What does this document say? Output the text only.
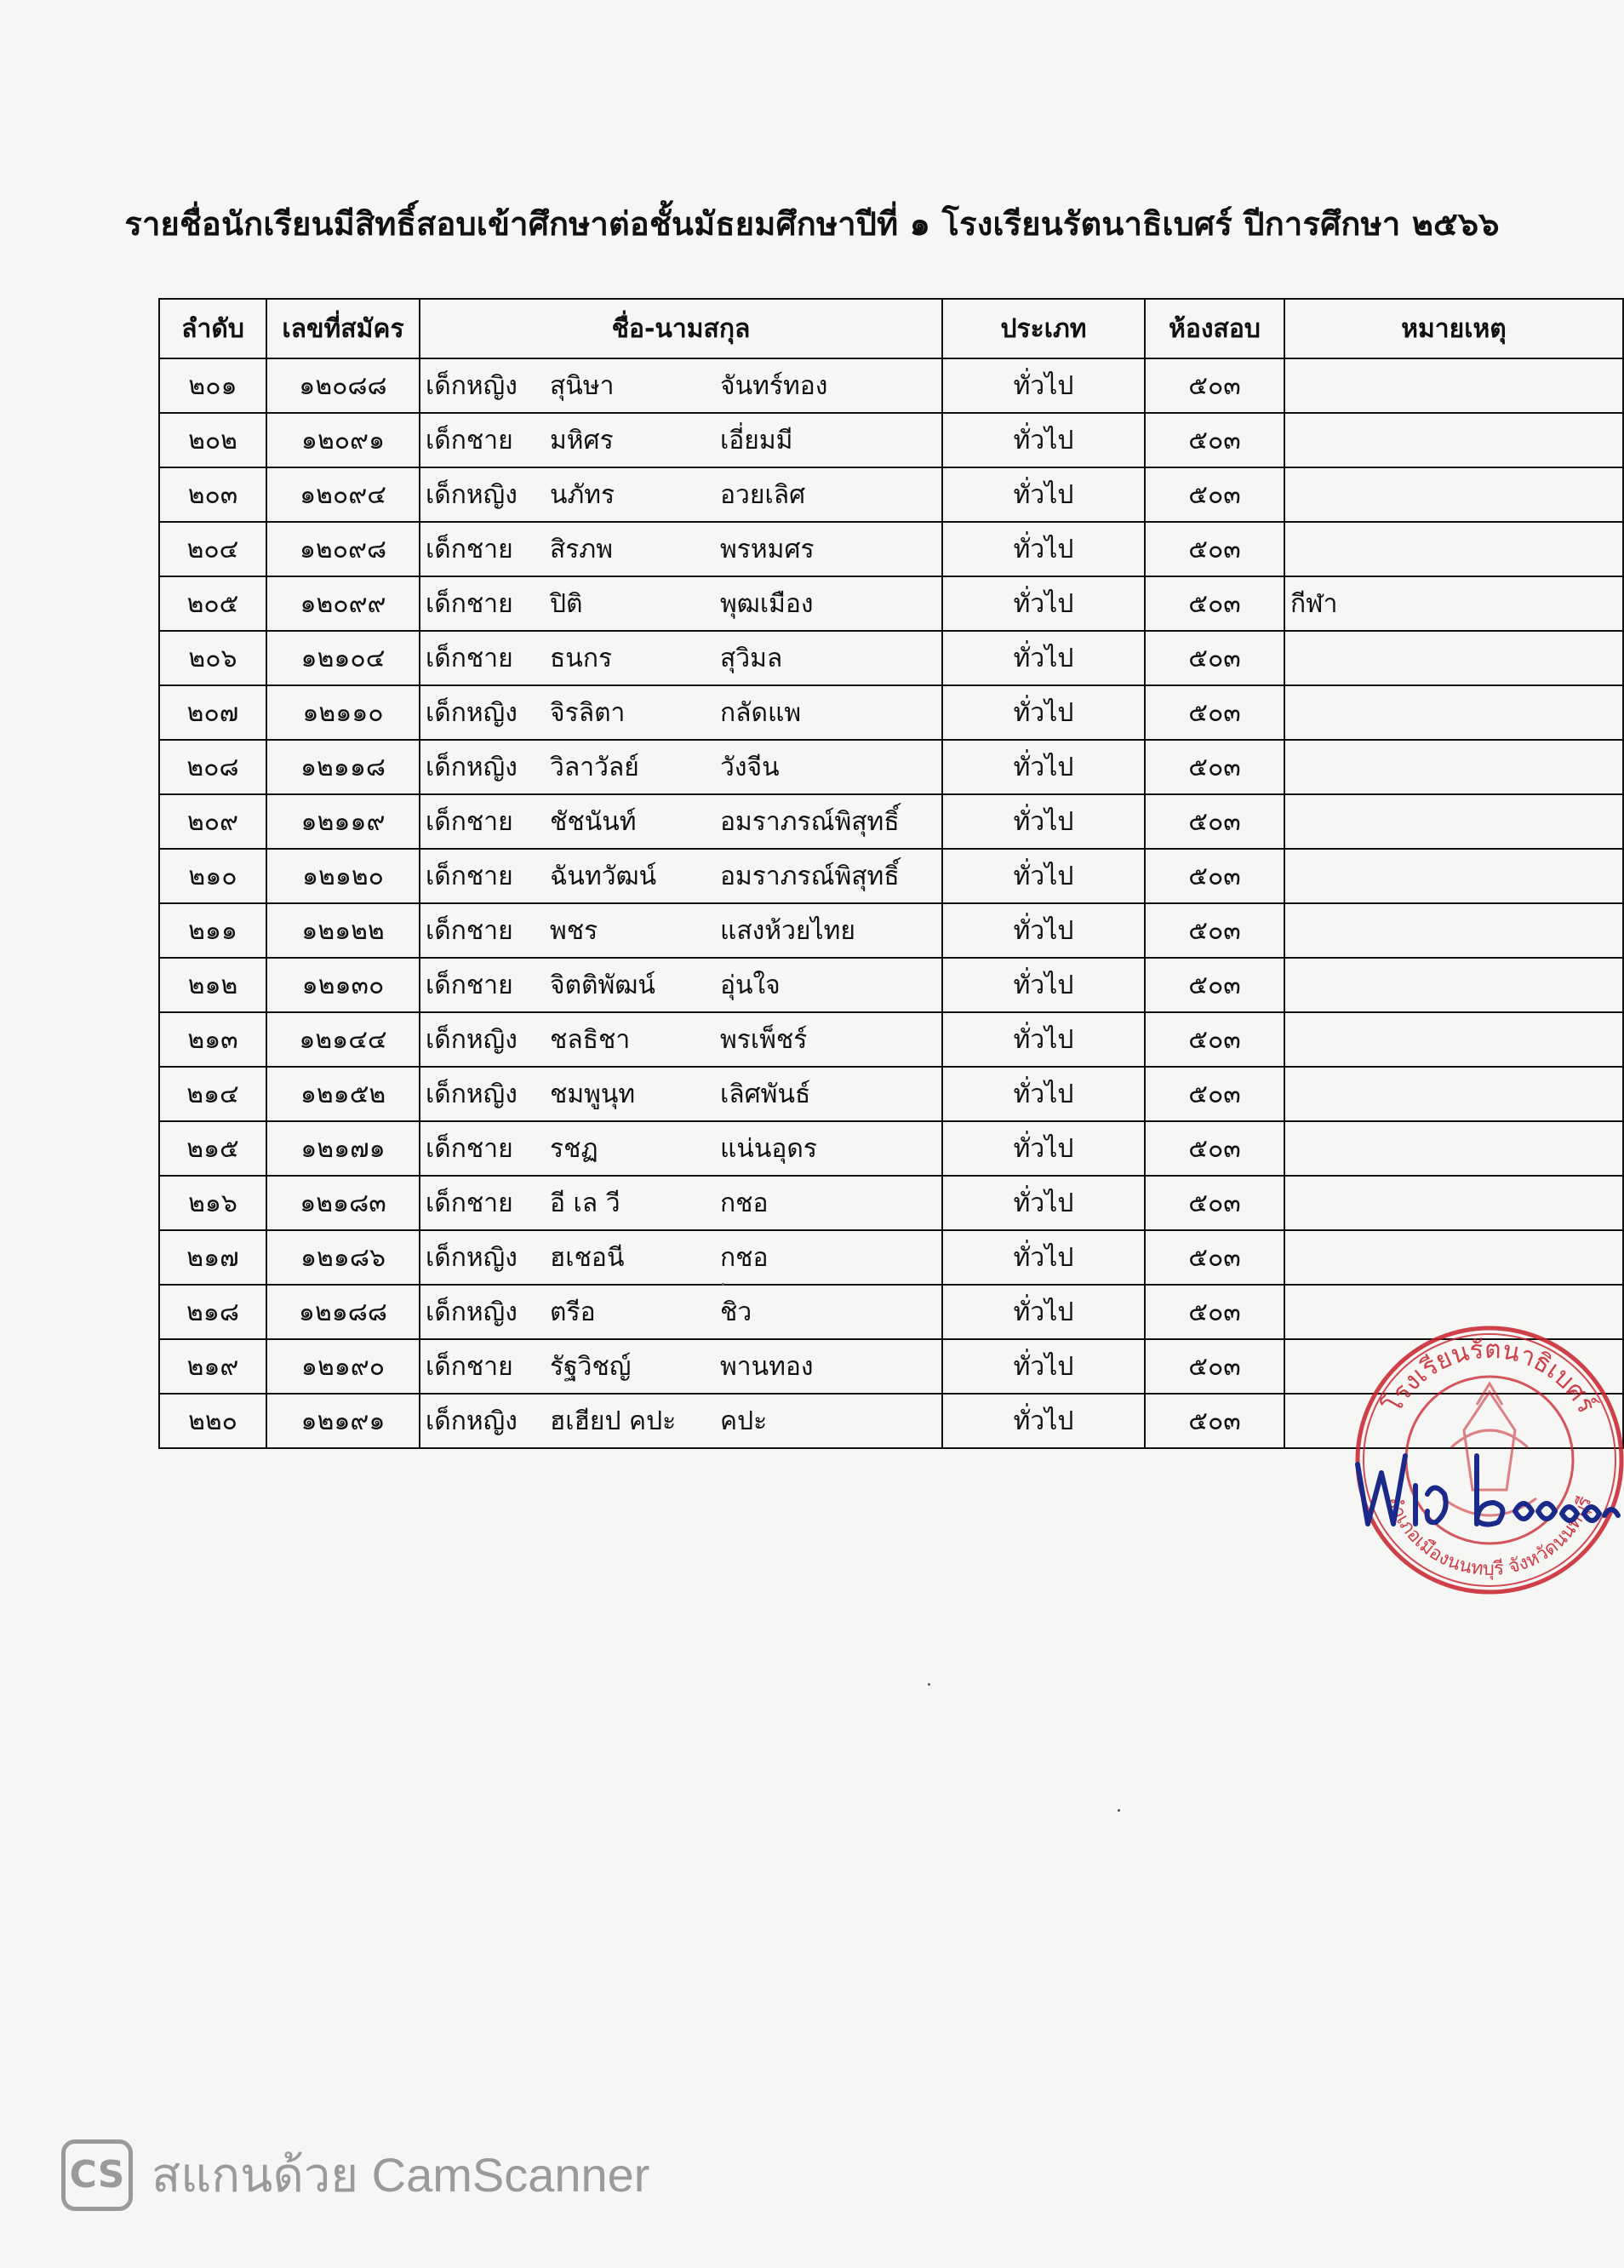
รายชื่อนักเรียนมีสิทธิ์สอบเข้าศึกษาต่อชั้นมัธยมศึกษาปีที่ ๑ โรงเรียนรัตนาธิเบศร์ ปีการศึกษา ๒๕๖๖
ลำดับ	เลขที่สมัคร	ชื่อ-นามสกุล	ประเภท	ห้องสอบ	หมายเหตุ
๒๐๑	๑๒๐๘๘	เด็กหญิง สุนิษา จันทร์ทอง	ทั่วไป	๕๐๓	
๒๐๒	๑๒๐๙๑	เด็กชาย มหิศร เอี่ยมมี	ทั่วไป	๕๐๓	
๒๐๓	๑๒๐๙๔	เด็กหญิง นภัทร อวยเลิศ	ทั่วไป	๕๐๓	
๒๐๔	๑๒๐๙๘	เด็กชาย สิรภพ พรหมศร	ทั่วไป	๕๐๓	
๒๐๕	๑๒๐๙๙	เด็กชาย ปิติ พุฒเมือง	ทั่วไป	๕๐๓	กีฬา
๒๐๖	๑๒๑๐๔	เด็กชาย ธนกร สุวิมล	ทั่วไป	๕๐๓	
๒๐๗	๑๒๑๑๐	เด็กหญิง จิรลิตา กลัดแพ	ทั่วไป	๕๐๓	
๒๐๘	๑๒๑๑๘	เด็กหญิง วิลาวัลย์ วังจีน	ทั่วไป	๕๐๓	
๒๐๙	๑๒๑๑๙	เด็กชาย ชัชนันท์ อมราภรณ์พิสุทธิ์	ทั่วไป	๕๐๓	
๒๑๐	๑๒๑๒๐	เด็กชาย ฉันทวัฒน์ อมราภรณ์พิสุทธิ์	ทั่วไป	๕๐๓	
๒๑๑	๑๒๑๒๒	เด็กชาย พชร แสงห้วยไทย	ทั่วไป	๕๐๓	
๒๑๒	๑๒๑๓๐	เด็กชาย จิตติพัฒน์ อุ่นใจ	ทั่วไป	๕๐๓	
๒๑๓	๑๒๑๔๔	เด็กหญิง ชลธิชา พรเพ็ชร์	ทั่วไป	๕๐๓	
๒๑๔	๑๒๑๕๒	เด็กหญิง ชมพูนุท เลิศพันธ์	ทั่วไป	๕๐๓	
๒๑๕	๑๒๑๗๑	เด็กชาย รชฏ แน่นอุดร	ทั่วไป	๕๐๓	
๒๑๖	๑๒๑๘๓	เด็กชาย อี เล วี กชอ	ทั่วไป	๕๐๓	
๒๑๗	๑๒๑๘๖	เด็กหญิง ฮเชอนี กชอ	ทั่วไป	๕๐๓	
๒๑๘	๑๒๑๘๘	เด็กหญิง ตรีอ ชิว	ทั่วไป	๕๐๓	
๒๑๙	๑๒๑๙๐	เด็กชาย รัฐวิชญ์ พานทอง	ทั่วไป	๕๐๓	
๒๒๐	๑๒๑๙๑	เด็กหญิง ฮเฮียป คปะ คปะ	ทั่วไป	๕๐๓	
โรงเรียนรัตนาธิเบศร์
อำเภอเมืองนนทบุรี จังหวัดนนทบุรี
CS สแกนด้วย CamScanner
